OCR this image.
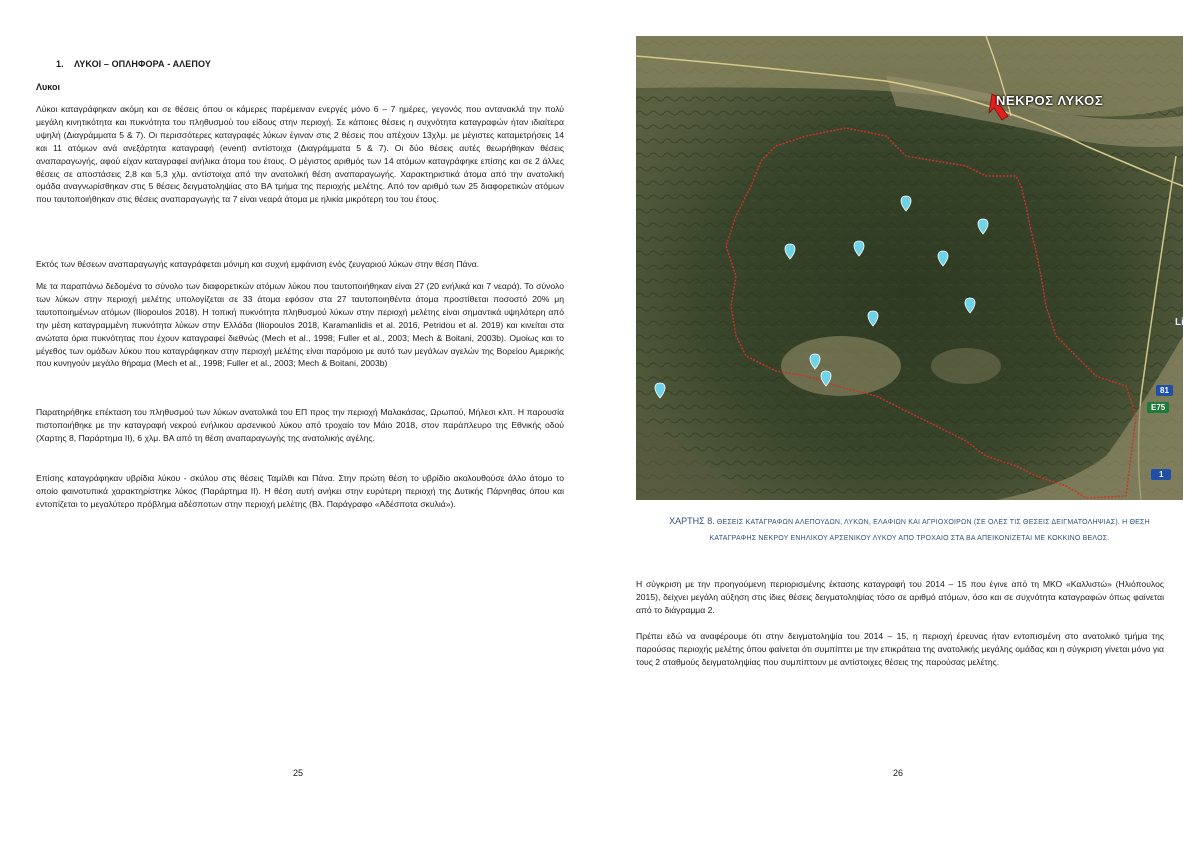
1. ΛΥΚΟΙ – ΟΠΛΗΦΟΡΑ - ΑΛΕΠΟΥ
Λυκοι

Λύκοι καταγράφηκαν ακόμη και σε θέσεις όπου οι κάμερες παρέμειναν ενεργές μόνο 6 – 7 ημέρες, γεγονός που αντανακλά την πολύ μεγάλη κινητικότητα και πυκνότητα του πληθυσμού του είδους στην περιοχή. Σε κάποιες θέσεις η συχνότητα καταγραφών ήταν ιδιαίτερα υψηλή (Διαγράμματα 5 & 7). Οι περισσότερες καταγραφές λύκων έγιναν στις 2 θέσεις που απέχουν 13χλμ. με μέγιστες καταμετρήσεις 14 και 11 ατόμων ανά ανεξάρτητα καταγραφή (event) αντίστοιχα (Διαγράμματα 5 & 7). Οι δύο θέσεις αυτές θεωρήθηκαν θέσεις αναπαραγωγής, αφού είχαν καταγραφεί ανήλικα άτομα του έτους. Ο μέγιστος αριθμός των 14 ατόμων καταγράφηκε επίσης και σε 2 άλλες θέσεις σε αποστάσεις 2,8 και 5,3 χλμ. αντίστοιχα από την ανατολική θέση αναπαραγωγής. Χαρακτηριστικά άτομα από την ανατολική ομάδα αναγνωρίσθηκαν στις 5 θέσεις δειγματοληψίας στο ΒΑ τμήμα της περιοχής μελέτης. Από τον αριθμό των 25 διαφορετικών ατόμων που ταυτοποιήθηκαν στις θέσεις αναπαραγωγής τα 7 είναι νεαρά άτομα με ηλικία μικρότερη του του έτους.

Εκτός των θέσεων αναπαραγωγής καταγράφεται μόνιμη και συχνή εμφάνιση ενός ζευγαριού λύκων στην θέση Πάνα.

Με τα παραπάνω δεδομένα το σύνολο των διαφορετικών ατόμων λύκου που ταυτοποιήθηκαν είναι 27 (20 ενήλικά και 7 νεαρά). Το σύνολο των λύκων στην περιοχή μελέτης υπολογίζεται σε 33 άτομα εφόσον στα 27 ταυτοποιηθέντα άτομα προστίθεται ποσοστό 20% μη ταυτοποιημένων ατόμων (Iliopoulos 2018). Η τοπική πυκνότητα πληθυσμού λύκων στην περιοχή μελέτης είναι σημαντικά υψηλότερη από την μέση καταγραμμένη πυκνότητα λύκων στην Ελλάδα (Iliopoulos 2018, Karamanlidis et al. 2016, Petridou et al. 2019) και κινείται στα ανώτατα όρια πυκνότητας που έχουν καταγραφεί διεθνώς (Mech et al., 1998; Fuller et al., 2003; Mech & Boitani, 2003b). Ομοίως και το μέγεθος των ομάδων λύκου που καταγράφηκαν στην περιοχή μελέτης είναι παρόμοιο με αυτό των μεγάλων αγελών της Βορείου Αμερικής που κυνηγούν μεγάλο θήραμα (Mech et al., 1998; Fuller et al., 2003; Mech & Boitani, 2003b)

Παρατηρήθηκε επέκταση του πληθυσμού των λύκων ανατολικά του ΕΠ προς την περιοχή Μαλακάσας, Ωρωπού, Μήλεσι κλπ. Η παρουσία πιστοποιήθηκε με την καταγραφή νεκρού ενήλικου αρσενικού λύκου από τροχαίο τον Μάιο 2018, στον παράπλευρο της Εθνικής οδού (Χαρτης 8, Παράρτημα ΙΙ), 6 χλμ. ΒΑ από τη θέση αναπαραγωγής της ανατολικής αγέλης.

Επίσης καταγράφηκαν υβρίδια λύκου - σκύλου στις θέσεις Ταμίλθι και Πάνα. Στην πρώτη θέση το υβρίδιο ακολουθούσε άλλο άτομο το οποίο φαινοτυπικά χαρακτηρίστηκε λύκος (Παράρτημα ΙΙ). Η θέση αυτή ανήκει στην ευρύτερη περιοχή της Δυτικής Πάρνηθας όπου και εντοπίζεται το μεγαλύτερο πρόβλημα αδέσποτων στην περιοχή μελέτης (Βλ. Παράγραφο «Αδέσποτα σκυλιά»).

25
ΝΕΚΡΟΣ ΛΥΚΟΣ
Li
81
E75
1
ΧΑΡΤΗΣ 8. ΘΕΣΕΙΣ ΚΑΤΑΓΡΑΦΩΝ ΑΛΕΠΟΥΔΩΝ, ΛΥΚΩΝ, ΕΛΑΦΙΩΝ ΚΑΙ ΑΓΡΙΟΧΟΙΡΩΝ (ΣΕ ΟΛΕΣ ΤΙΣ ΘΕΣΕΙΣ ΔΕΙΓΜΑΤΟΛΗΨΙΑΣ). Η ΘΕΣΗ
ΚΑΤΑΓΡΑΦΗΣ ΝΕΚΡΟΥ ΕΝΗΛΙΚΟΥ ΑΡΣΕΝΙΚΟΥ ΛΥΚΟΥ ΑΠΟ ΤΡΟΧΑΙΟ ΣΤΑ ΒΑ ΑΠΕΙΚΟΝΙΖΕΤΑΙ ΜΕ ΚΟΚΚΙΝΟ ΒΕΛΟΣ.

Η σύγκριση με την προηγούμενη περιορισμένης έκτασης καταγραφή του 2014 – 15 που έγινε από τη ΜΚΟ «Καλλιστώ» (Ηλιόπουλος 2015), δείχνει μεγάλη αύξηση στις ίδιες θέσεις δειγματοληψίας τόσο σε αριθμό ατόμων, όσο και σε συχνότητα καταγραφών όπως φαίνεται από το διάγραμμα 2.

Πρέπει εδώ να αναφέρουμε ότι στην δειγματοληψία του 2014 – 15, η περιοχή έρευνας ήταν εντοπισμένη στο ανατολικό τμήμα της παρούσας περιοχής μελέτης όπου φαίνεται ότι συμπίπτει με την επικράτεια της ανατολικής μεγάλης ομάδας και η σύγκριση γίνεται μόνο για τους 2 σταθμούς δειγματοληψίας που συμπίπτουν με αντίστοιχες θέσεις της παρούσας μελέτης.

26
